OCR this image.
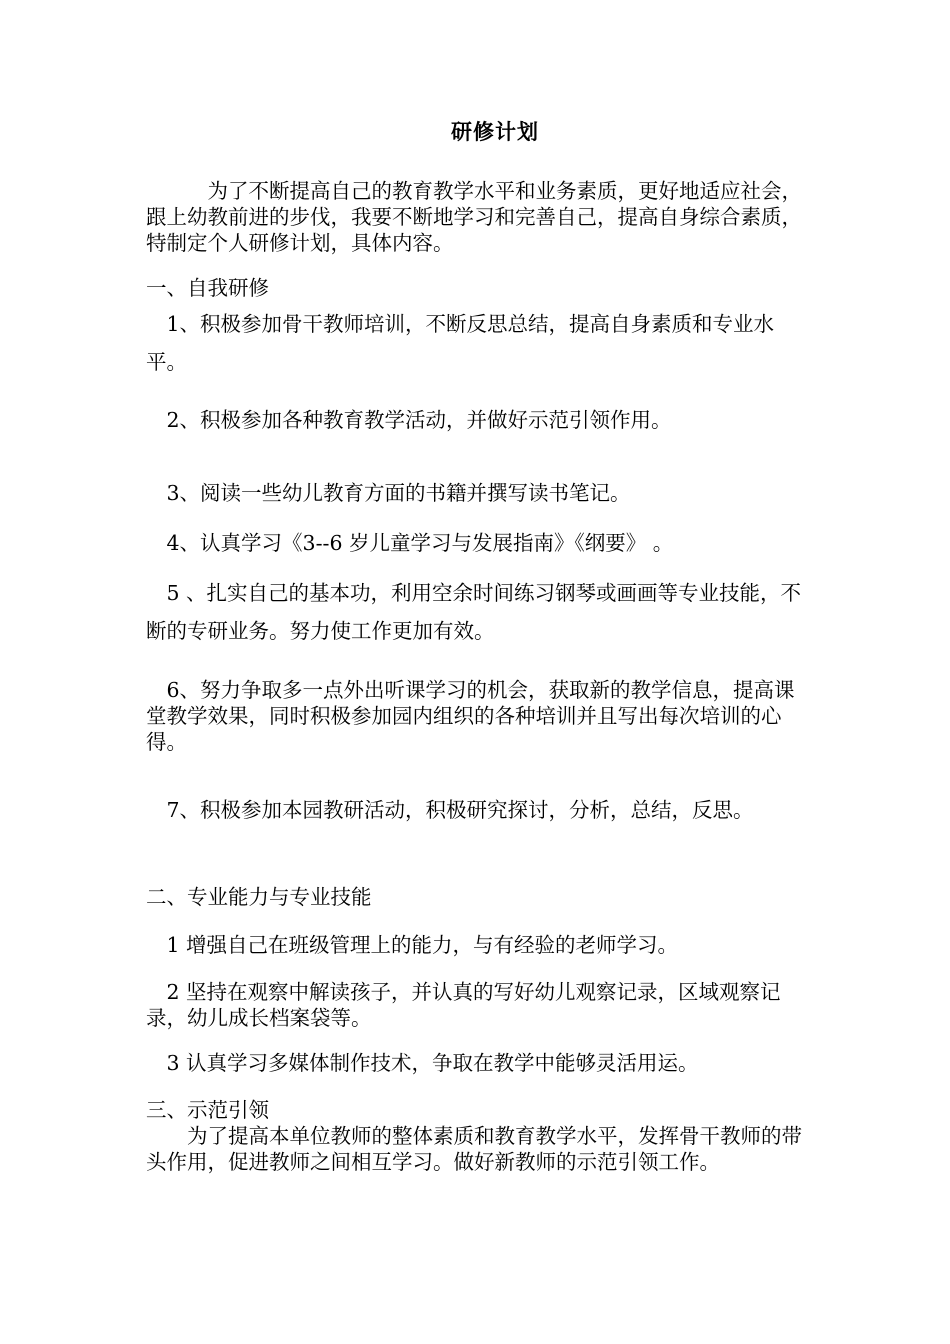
研修计划

　　　为了不断提高自己的教育教学水平和业务素质，更好地适应社会，跟上幼教前进的步伐，我要不断地学习和完善自己，提高自身综合素质，特制定个人研修计划，具体内容。

一、自我研修

　1、积极参加骨干教师培训，不断反思总结，提高自身素质和专业水平。

　2、积极参加各种教育教学活动，并做好示范引领作用。

　3、阅读一些幼儿教育方面的书籍并撰写读书笔记。

　4、认真学习《3--6 岁儿童学习与发展指南》《纲要》 。

　5 、扎实自己的基本功，利用空余时间练习钢琴或画画等专业技能，不断的专研业务。努力使工作更加有效。

　6、努力争取多一点外出听课学习的机会，获取新的教学信息，提高课堂教学效果，同时积极参加园内组织的各种培训并且写出每次培训的心得。

　7、积极参加本园教研活动，积极研究探讨，分析，总结，反思。

二、专业能力与专业技能

　1 增强自己在班级管理上的能力，与有经验的老师学习。

　2 坚持在观察中解读孩子，并认真的写好幼儿观察记录，区域观察记录，幼儿成长档案袋等。

　3 认真学习多媒体制作技术，争取在教学中能够灵活用运。

三、示范引领

　　为了提高本单位教师的整体素质和教育教学水平，发挥骨干教师的带头作用，促进教师之间相互学习。做好新教师的示范引领工作。
